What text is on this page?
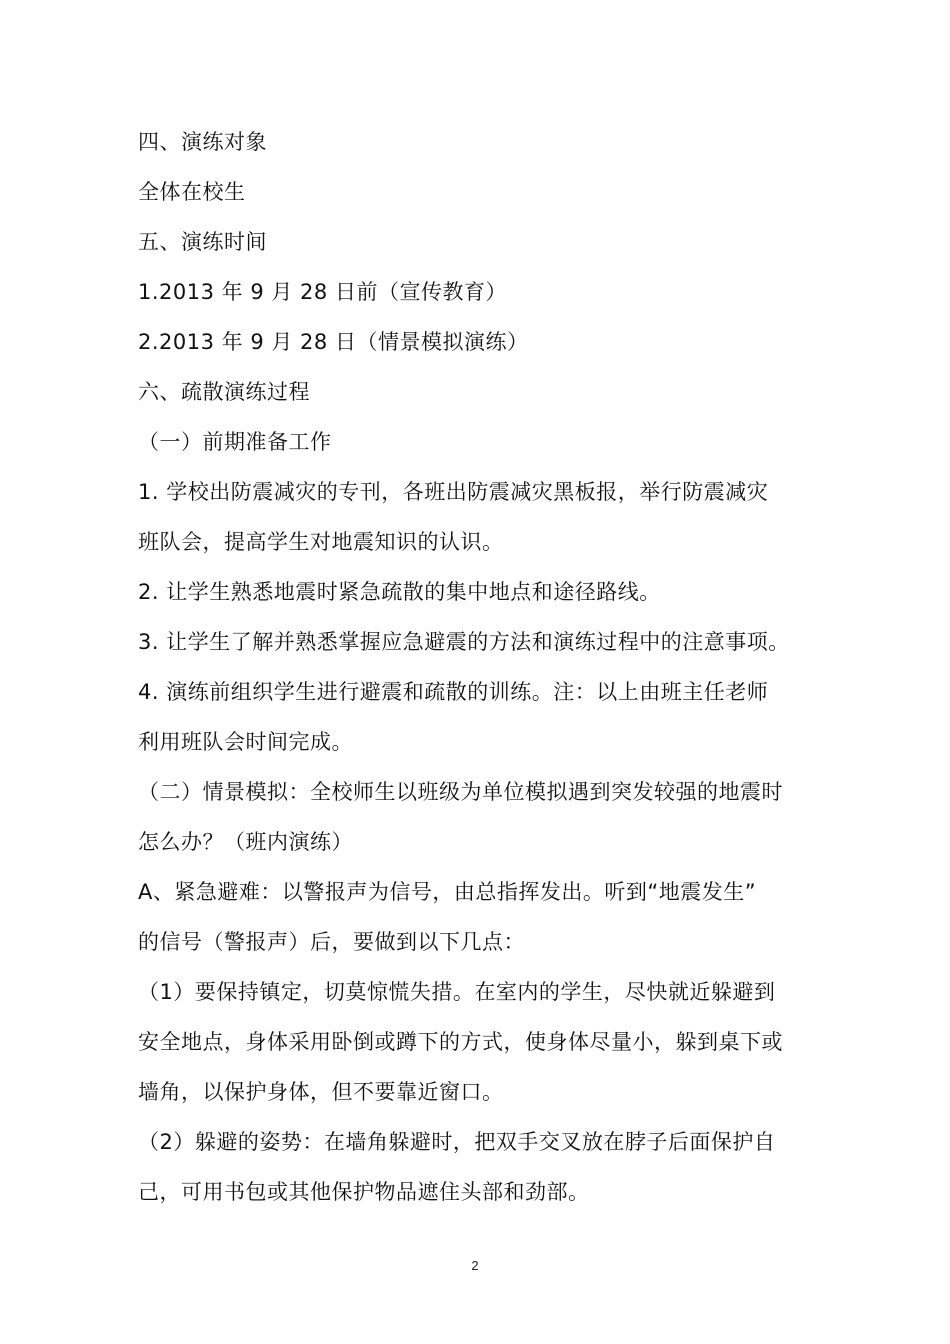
四、演练对象
全体在校生
五、演练时间
1.2013 年 9 月 28 日前（宣传教育）
2.2013 年 9 月 28 日（情景模拟演练）
六、疏散演练过程
（一）前期准备工作
1. 学校出防震减灾的专刊，各班出防震减灾黑板报，举行防震减灾
班队会，提高学生对地震知识的认识。
2. 让学生熟悉地震时紧急疏散的集中地点和途径路线。
3. 让学生了解并熟悉掌握应急避震的方法和演练过程中的注意事项。
4. 演练前组织学生进行避震和疏散的训练。注：以上由班主任老师
利用班队会时间完成。
（二）情景模拟：全校师生以班级为单位模拟遇到突发较强的地震时
怎么办？（班内演练）
A、紧急避难：以警报声为信号，由总指挥发出。听到“地震发生”
的信号（警报声）后，要做到以下几点：
（1）要保持镇定，切莫惊慌失措。在室内的学生，尽快就近躲避到
安全地点，身体采用卧倒或蹲下的方式，使身体尽量小，躲到桌下或
墙角，以保护身体，但不要靠近窗口。
（2）躲避的姿势：在墙角躲避时，把双手交叉放在脖子后面保护自
己，可用书包或其他保护物品遮住头部和劲部。
2
